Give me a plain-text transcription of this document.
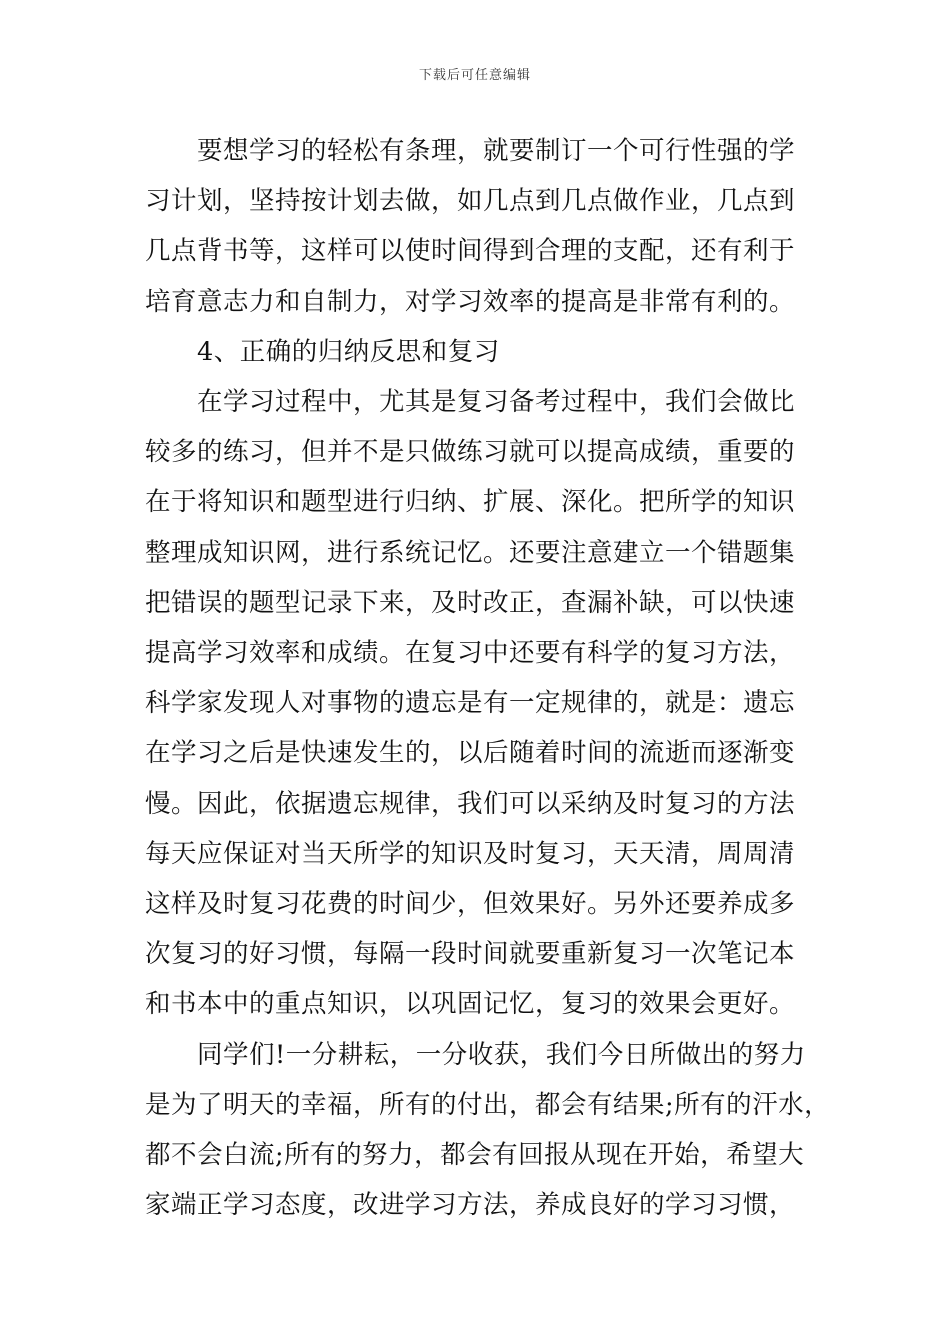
下载后可任意编辑
要想学习的轻松有条理，就要制订一个可行性强的学
习计划，坚持按计划去做，如几点到几点做作业，几点到
几点背书等，这样可以使时间得到合理的支配，还有利于
培育意志力和自制力，对学习效率的提高是非常有利的。
4、正确的归纳反思和复习
在学习过程中，尤其是复习备考过程中，我们会做比
较多的练习，但并不是只做练习就可以提高成绩，重要的
在于将知识和题型进行归纳、扩展、深化。把所学的知识
整理成知识网，进行系统记忆。还要注意建立一个错题集
把错误的题型记录下来，及时改正，查漏补缺，可以快速
提高学习效率和成绩。在复习中还要有科学的复习方法，
科学家发现人对事物的遗忘是有一定规律的，就是：遗忘
在学习之后是快速发生的，以后随着时间的流逝而逐渐变
慢。因此，依据遗忘规律，我们可以采纳及时复习的方法
每天应保证对当天所学的知识及时复习，天天清，周周清
这样及时复习花费的时间少，但效果好。另外还要养成多
次复习的好习惯，每隔一段时间就要重新复习一次笔记本
和书本中的重点知识，以巩固记忆，复习的效果会更好。
同学们!一分耕耘，一分收获，我们今日所做出的努力
是为了明天的幸福，所有的付出，都会有结果;所有的汗水，
都不会白流;所有的努力，都会有回报从现在开始，希望大
家端正学习态度，改进学习方法，养成良好的学习习惯，
